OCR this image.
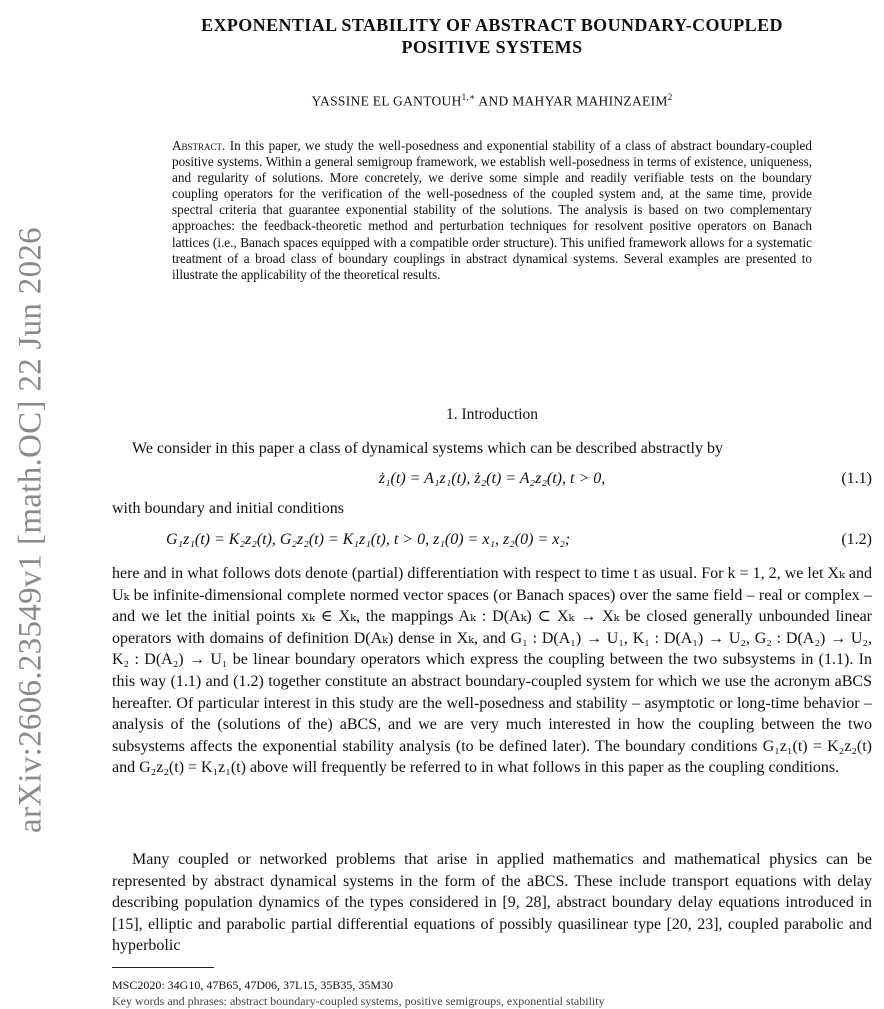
arXiv:2606.23549v1 [math.OC] 22 Jun 2026
EXPONENTIAL STABILITY OF ABSTRACT BOUNDARY-COUPLED
POSITIVE SYSTEMS
YASSINE EL $GANTOUH^{1,∗}$ AND MAHYAR MAHINZAEIM$^2$
Abstract. In this paper, we study the well-posedness and exponential stability of a class of abstract boundary-coupled positive systems. Within a general semigroup framework, we establish well-posedness in terms of existence, uniqueness, and regularity of solutions. More concretely, we derive some simple and readily verifiable tests on the boundary coupling operators for the verification of the well-posedness of the coupled system and, at the same time, provide spectral criteria that guarantee exponential stability of the solutions. The analysis is based on two complementary approaches: the feedback-theoretic method and perturbation techniques for resolvent positive operators on Banach lattices (i.e., Banach spaces equipped with a compatible order structure). This unified framework allows for a systematic treatment of a broad class of boundary couplings in abstract dynamical systems. Several examples are presented to illustrate the applicability of the theoretical results.
1. Introduction
We consider in this paper a class of dynamical systems which can be described abstractly by
ż₁(t) = A₁z₁(t), ż₂(t) = A₂z₂(t), t > 0,	(1.1)
with boundary and initial conditions
G₁z₁(t) = K₂z₂(t), G₂z₂(t) = K₁z₁(t), t > 0, z₁(0) = x₁, z₂(0) = x₂;	(1.2)
here and in what follows dots denote (partial) differentiation with respect to time t as usual. For k = 1, 2, we let Xₖ and Uₖ be infinite-dimensional complete normed vector spaces (or Banach spaces) over the same field – real or complex – and we let the initial points xₖ ∈ Xₖ, the mappings Aₖ : D(Aₖ) ⊂ Xₖ → Xₖ be closed generally unbounded linear operators with domains of definition D(Aₖ) dense in Xₖ, and G₁ : D(A₁) → U₁, K₁ : D(A₁) → U₂, G₂ : D(A₂) → U₂, K₂ : D(A₂) → U₁ be linear boundary operators which express the coupling between the two subsystems in (1.1). In this way (1.1) and (1.2) together constitute an abstract boundary-coupled system for which we use the acronym aBCS hereafter. Of particular interest in this study are the well-posedness and stability – asymptotic or long-time behavior – analysis of the (solutions of the) aBCS, and we are very much interested in how the coupling between the two subsystems affects the exponential stability analysis (to be defined later). The boundary conditions G₁z₁(t) = K₂z₂(t) and G₂z₂(t) = K₁z₁(t) above will frequently be referred to in what follows in this paper as the coupling conditions.
Many coupled or networked problems that arise in applied mathematics and mathematical physics can be represented by abstract dynamical systems in the form of the aBCS. These include transport equations with delay describing population dynamics of the types considered in [9, 28], abstract boundary delay equations introduced in [15], elliptic and parabolic partial differential equations of possibly quasilinear type [20, 23], coupled parabolic and hyperbolic
MSC2020: 34G10, 47B65, 47D06, 37L15, 35B35, 35M30
Key words and phrases: abstract boundary-coupled systems, positive semigroups, exponential stability
